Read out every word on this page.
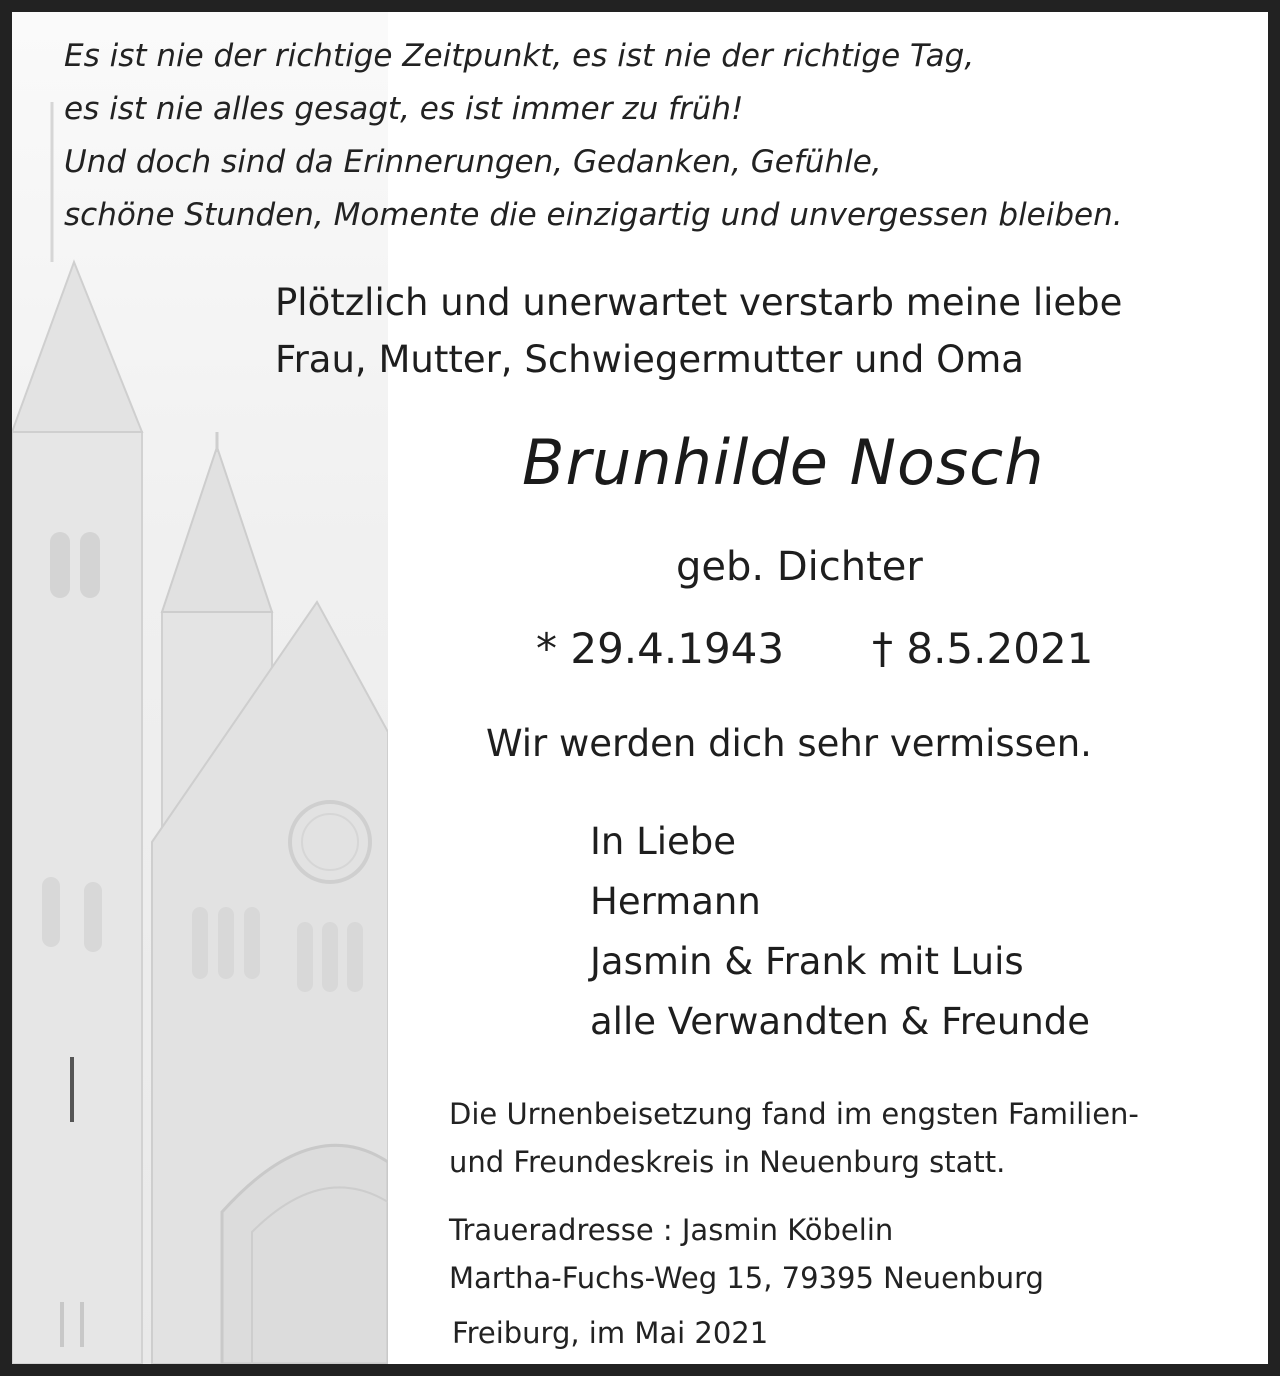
Es ist nie der richtige Zeitpunkt, es ist nie der richtige Tag,
es ist nie alles gesagt, es ist immer zu früh!
Und doch sind da Erinnerungen, Gedanken, Gefühle,
schöne Stunden, Momente die einzigartig und unvergessen bleiben.
Plötzlich und unerwartet verstarb meine liebe
Frau, Mutter, Schwiegermutter und Oma
Brunhilde Nosch
geb. Dichter
* 29.4.1943 † 8.5.2021
Wir werden dich sehr vermissen.
In Liebe
Hermann
Jasmin & Frank mit Luis
alle Verwandten & Freunde
Die Urnenbeisetzung fand im engsten Familien-
und Freundeskreis in Neuenburg statt.
Traueradresse : Jasmin Köbelin
Martha-Fuchs-Weg 15, 79395 Neuenburg
Freiburg, im Mai 2021
